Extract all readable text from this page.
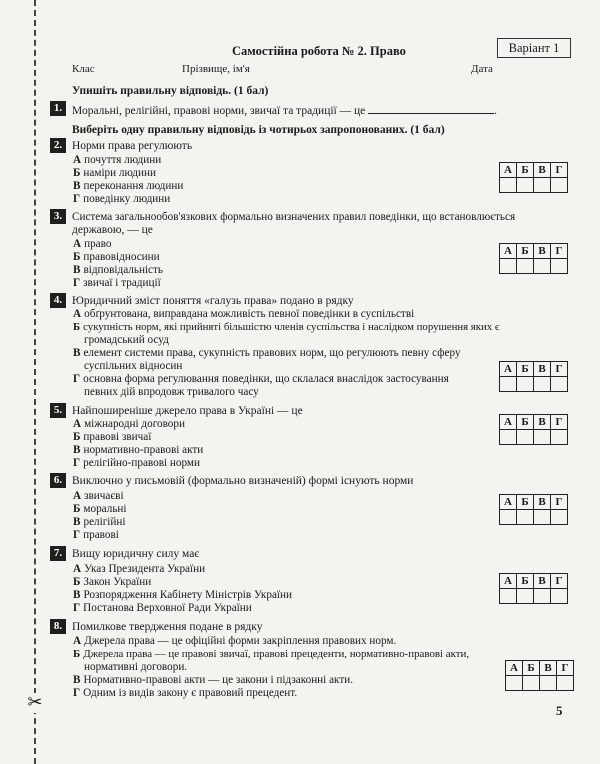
✂
Самостійна робота № 2. Право	Варіант 1
Клас	Прізвище, ім'я	Дата
Упишіть правильну відповідь. (1 бал)
1. Моральні, релігійні, правові норми, звичаї та традиції — це	.
Виберіть одну правильну відповідь із чотирьох запропонованих. (1 бал)
2. Норми права регулюють
А почуття людини
Б наміри людини
В переконання людини
Г поведінку людини
А	Б	В	Г

3. Система загальнообов'язкових формально визначених правил поведінки, що встановлюється
державою, — це
А право
Б правовідносини
В відповідальність
Г звичаї і традиції
А	Б	В	Г

4. Юридичний зміст поняття «галузь права» подано в рядку
А обґрунтована, виправдана можливість певної поведінки в суспільстві
Б сукупність норм, які прийняті більшістю членів суспільства і наслідком порушення яких є
громадський осуд
В елемент системи права, сукупність правових норм, що регулюють певну сферу
суспільних відносин
Г основна форма регулювання поведінки, що склалася внаслідок застосування
певних дій впродовж тривалого часу
А	Б	В	Г

5. Найпоширеніше джерело права в Україні — це
А міжнародні договори
Б правові звичаї
В нормативно-правові акти
Г релігійно-правові норми
А	Б	В	Г

6. Виключно у письмовій (формально визначеній) формі існують норми
А звичаєві
Б моральні
В релігійні
Г правові
А	Б	В	Г

7. Вищу юридичну силу має
А Указ Президента України
Б Закон України
В Розпорядження Кабінету Міністрів України
Г Постанова Верховної Ради України
А	Б	В	Г

8. Помилкове твердження подане в рядку
А Джерела права — це офіційні форми закріплення правових норм.
Б Джерела права — це правові звичаї, правові прецеденти, нормативно-правові акти,
нормативні договори.
В Нормативно-правові акти — це закони і підзаконні акти.
Г Одним із видів закону є правовий прецедент.
А	Б	В	Г

5
